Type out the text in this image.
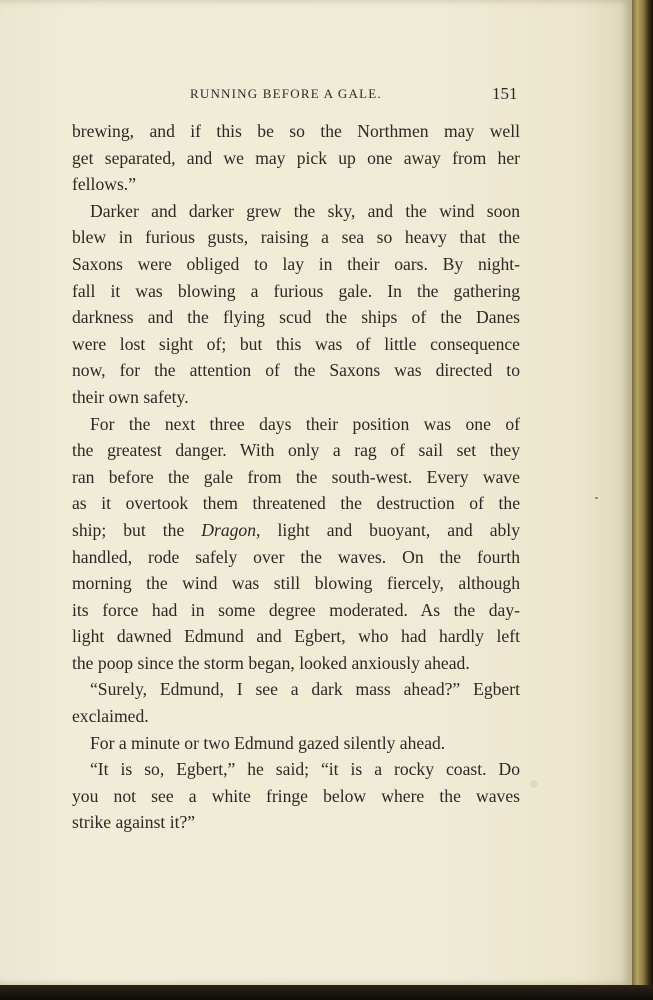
RUNNING BEFORE A GALE.	151

brewing, and if this be so the Northmen may well
get separated, and we may pick up one away from her
fellows.”

Darker and darker grew the sky, and the wind soon
blew in furious gusts, raising a sea so heavy that the
Saxons were obliged to lay in their oars. By night-
fall it was blowing a furious gale. In the gathering
darkness and the flying scud the ships of the Danes
were lost sight of; but this was of little consequence
now, for the attention of the Saxons was directed to
their own safety.

For the next three days their position was one of
the greatest danger. With only a rag of sail set they
ran before the gale from the south-west. Every wave
as it overtook them threatened the destruction of the
ship; but the Dragon, light and buoyant, and ably
handled, rode safely over the waves. On the fourth
morning the wind was still blowing fiercely, although
its force had in some degree moderated. As the day-
light dawned Edmund and Egbert, who had hardly left
the poop since the storm began, looked anxiously ahead.

“Surely, Edmund, I see a dark mass ahead?” Egbert
exclaimed.

For a minute or two Edmund gazed silently ahead.

“It is so, Egbert,” he said; “it is a rocky coast. Do
you not see a white fringe below where the waves
strike against it?”
